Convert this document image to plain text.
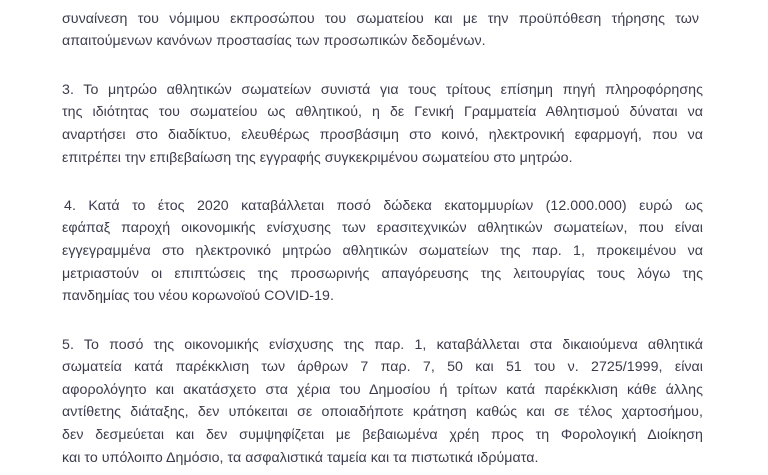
συναίνεση του νόμιμου εκπροσώπου του σωματείου και με την προϋπόθεση τήρησης των
απαιτούμενων κανόνων προστασίας των προσωπικών δεδομένων.
3. Το μητρώο αθλητικών σωματείων συνιστά για τους τρίτους επίσημη πηγή πληροφόρησης
της ιδιότητας του σωματείου ως αθλητικού, η δε Γενική Γραμματεία Αθλητισμού δύναται να
αναρτήσει στο διαδίκτυο, ελευθέρως προσβάσιμη στο κοινό, ηλεκτρονική εφαρμογή, που να
επιτρέπει την επιβεβαίωση της εγγραφής συγκεκριμένου σωματείου στο μητρώο.
4. Κατά το έτος 2020 καταβάλλεται ποσό δώδεκα εκατομμυρίων (12.000.000) ευρώ ως
εφάπαξ παροχή οικονομικής ενίσχυσης των ερασιτεχνικών αθλητικών σωματείων, που είναι
εγγεγραμμένα στο ηλεκτρονικό μητρώο αθλητικών σωματείων της παρ. 1, προκειμένου να
μετριαστούν οι επιπτώσεις της προσωρινής απαγόρευσης της λειτουργίας τους λόγω της
πανδημίας του νέου κορωνοϊού COVID-19.
5. Το ποσό της οικονομικής ενίσχυσης της παρ. 1, καταβάλλεται στα δικαιούμενα αθλητικά
σωματεία κατά παρέκκλιση των άρθρων 7 παρ. 7, 50 και 51 του ν. 2725/1999, είναι
αφορολόγητο και ακατάσχετο στα χέρια του Δημοσίου ή τρίτων κατά παρέκκλιση κάθε άλλης
αντίθετης διάταξης, δεν υπόκειται σε οποιαδήποτε κράτηση καθώς και σε τέλος χαρτοσήμου,
δεν δεσμεύεται και δεν συμψηφίζεται με βεβαιωμένα χρέη προς τη Φορολογική Διοίκηση
και το υπόλοιπο Δημόσιο, τα ασφαλιστικά ταμεία και τα πιστωτικά ιδρύματα.
